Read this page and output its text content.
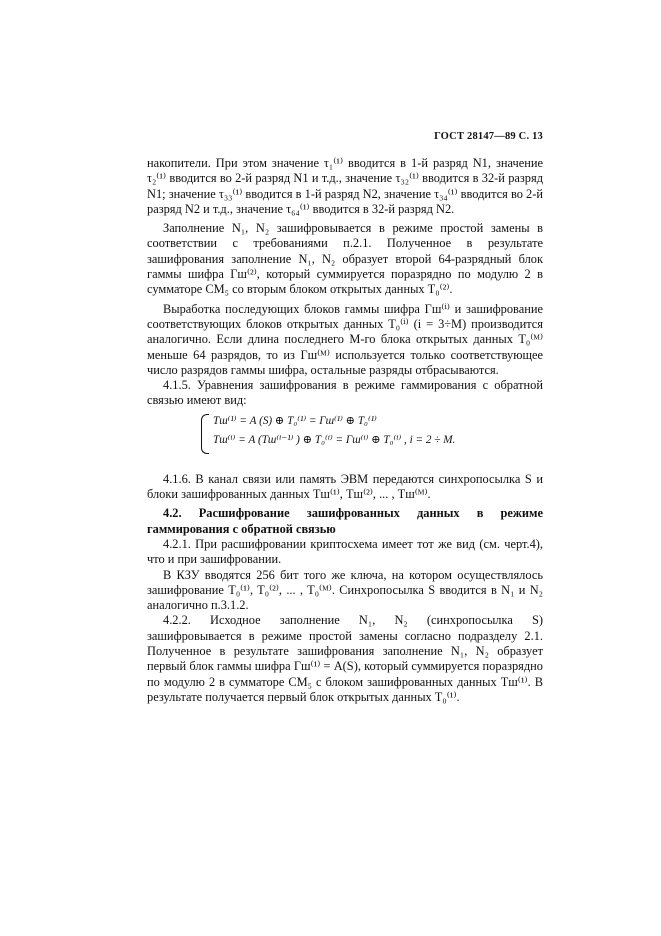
ГОСТ 28147—89 С. 13

накопители. При этом значение τ₁⁽¹⁾ вводится в 1-й разряд N1, значение τ₂⁽¹⁾ вводится во 2-й разряд N1 и т.д., значение τ₃₂⁽¹⁾ вводится в 32-й разряд N1; значение τ₃₃⁽¹⁾ вводится в 1-й разряд N2, значение τ₃₄⁽¹⁾ вводится во 2-й разряд N2 и т.д., значение τ₆₄⁽¹⁾ вводится в 32-й разряд N2.

Заполнение N₁, N₂ зашифровывается в режиме простой замены в соответствии с требованиями п.2.1. Полученное в результате зашифрования заполнение N₁, N₂ образует второй 64-разрядный блок гаммы шифра Γш⁽²⁾, который суммируется поразрядно по модулю 2 в сумматоре CM₅ со вторым блоком открытых данных T₀⁽²⁾.

Выработка последующих блоков гаммы шифра Γш⁽ⁱ⁾ и зашифрование соответствующих блоков открытых данных T₀⁽ⁱ⁾ (i = 3÷M) производится аналогично. Если длина последнего M-го блока открытых данных T₀⁽ᴹ⁾ меньше 64 разрядов, то из Γш⁽ᴹ⁾ используется только соответствующее число разрядов гаммы шифра, остальные разряды отбрасываются.

4.1.5. Уравнения зашифрования в режиме гаммирования с обратной связью имеют вид:

Tш⁽¹⁾ = A (S) ⊕ T₀⁽¹⁾ = Γш⁽¹⁾ ⊕ T₀⁽¹⁾
Tш⁽ⁱ⁾ = A (Tш⁽ⁱ⁻¹⁾ ) ⊕ T₀⁽ⁱ⁾ = Γш⁽ⁱ⁾ ⊕ T₀⁽ⁱ⁾ , i = 2 ÷ M.

4.1.6. В канал связи или память ЭВМ передаются синхропосылка S и блоки зашифрованных данных Tш⁽¹⁾, Tш⁽²⁾, ... , Tш⁽ᴹ⁾.

4.2. Расшифрование зашифрованных данных в режиме гаммирования с обратной связью

4.2.1. При расшифровании криптосхема имеет тот же вид (см. черт.4), что и при зашифровании.

В КЗУ вводятся 256 бит того же ключа, на котором осуществлялось зашифрование T₀⁽¹⁾, T₀⁽²⁾, ... , T₀⁽ᴹ⁾. Синхропосылка S вводится в N₁ и N₂ аналогично п.3.1.2.

4.2.2. Исходное заполнение N₁, N₂ (синхропосылка S) зашифровывается в режиме простой замены согласно подразделу 2.1. Полученное в результате зашифрования заполнение N₁, N₂ образует первый блок гаммы шифра Γш⁽¹⁾ = A(S), который суммируется поразрядно по модулю 2 в сумматоре CM₅ с блоком зашифрованных данных Tш⁽¹⁾. В результате получается первый блок открытых данных T₀⁽¹⁾.
